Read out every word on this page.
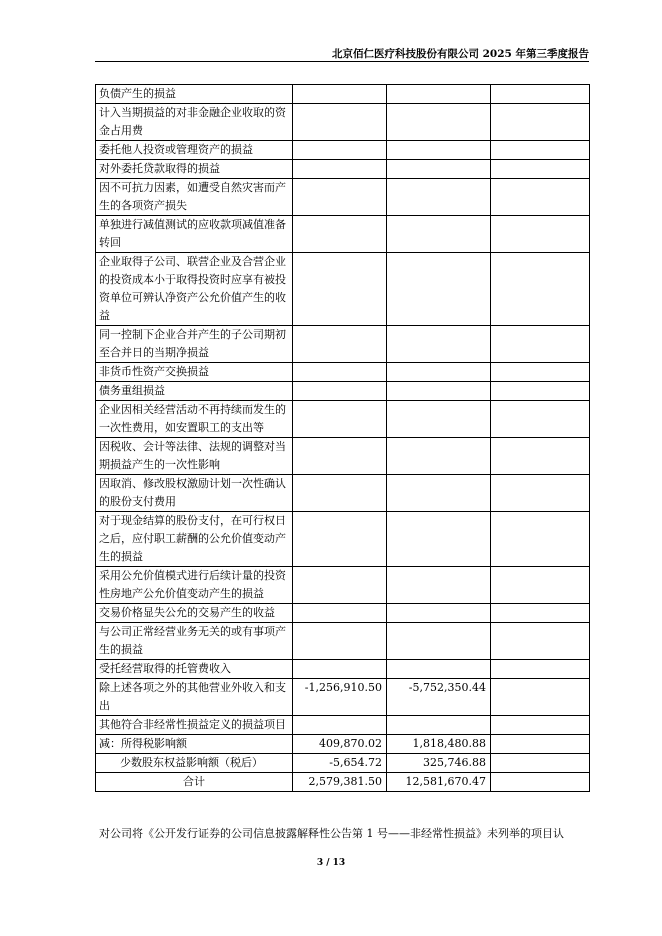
北京佰仁医疗科技股份有限公司 2025 年第三季度报告
负债产生的损益			
计入当期损益的对非金融企业收取的资金占用费			
委托他人投资或管理资产的损益			
对外委托贷款取得的损益			
因不可抗力因素，如遭受自然灾害而产生的各项资产损失			
单独进行减值测试的应收款项减值准备转回			
企业取得子公司、联营企业及合营企业的投资成本小于取得投资时应享有被投资单位可辨认净资产公允价值产生的收益			
同一控制下企业合并产生的子公司期初至合并日的当期净损益			
非货币性资产交换损益			
债务重组损益			
企业因相关经营活动不再持续而发生的一次性费用，如安置职工的支出等			
因税收、会计等法律、法规的调整对当期损益产生的一次性影响			
因取消、修改股权激励计划一次性确认的股份支付费用			
对于现金结算的股份支付，在可行权日之后，应付职工薪酬的公允价值变动产生的损益			
采用公允价值模式进行后续计量的投资性房地产公允价值变动产生的损益			
交易价格显失公允的交易产生的收益			
与公司正常经营业务无关的或有事项产生的损益			
受托经营取得的托管费收入			
除上述各项之外的其他营业外收入和支出	-1,256,910.50	-5,752,350.44	
其他符合非经常性损益定义的损益项目			
减：所得税影响额	409,870.02	1,818,480.88	
少数股东权益影响额（税后）	-5,654.72	325,746.88	
合计	2,579,381.50	12,581,670.47	
对公司将《公开发行证券的公司信息披露解释性公告第 1 号——非经常性损益》未列举的项目认
3 / 13
